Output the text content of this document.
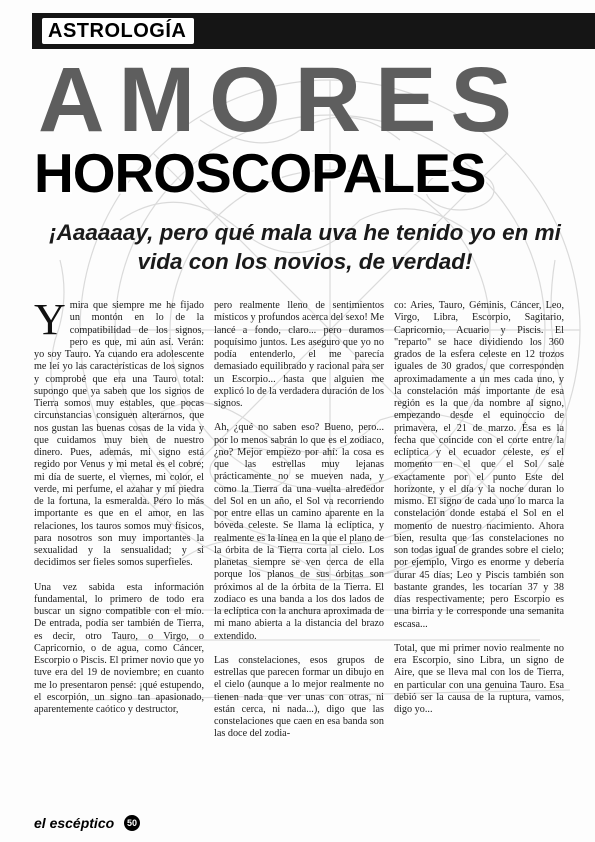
ASTROLOGÍA
AMORES
HOROSCOPALES
¡Aaaaaay, pero qué mala uva he tenido yo en mi vida con los novios, de verdad!

Ymira que siempre me he fijado un montón en lo de la compatibilidad de los signos, pero es que, mi aún así. Verán: yo soy Tauro. Ya cuando era adolescente me leí yo las características de los signos y comprobé que era una Tauro total: supongo que ya saben que los signos de Tierra somos muy estables, que pocas circunstancias consiguen alterarnos, que nos gustan las buenas cosas de la vida y que cuidamos muy bien de nuestro dinero. Pues, además, mi signo está regido por Venus y mi metal es el cobre; mi día de suerte, el viernes, mi color, el verde, mi perfume, el azahar y mi piedra de la fortuna, la esmeralda. Pero lo más importante es que en el amor, en las relaciones, los tauros somos muy físicos, para nosotros son muy importantes la sexualidad y la sensualidad; y si decidimos ser fieles somos superfieles.

Una vez sabida esta información fundamental, lo primero de todo era buscar un signo compatible con el mío. De entrada, podía ser también de Tierra, es decir, otro Tauro, o Virgo, o Capricornio, o de agua, como Cáncer, Escorpio o Piscis. El primer novio que yo tuve era del 19 de noviembre; en cuanto me lo presentaron pensé: ¡qué estupendo, el escorpión, un signo tan apasionado, aparentemente caótico y destructor,

pero realmente lleno de sentimientos místicos y profundos acerca del sexo! Me lancé a fondo, claro... pero duramos poquísimo juntos. Les aseguro que yo no podía entenderlo, el me parecía demasiado equilibrado y racional para ser un Escorpio... hasta que alguien me explicó lo de la verdadera duración de los signos.

Ah, ¿qué no saben eso? Bueno, pero... por lo menos sabrán lo que es el zodiaco, ¿no? Mejor empiezo por ahí: la cosa es que las estrellas muy lejanas prácticamente no se mueven nada, y como la Tierra da una vuelta alrededor del Sol en un año, el Sol va recorriendo por entre ellas un camino aparente en la bóveda celeste. Se llama la eclíptica, y realmente es la línea en la que el plano de la órbita de la Tierra corta al cielo. Los planetas siempre se ven cerca de ella porque los planos de sus órbitas son próximos al de la órbita de la Tierra. El zodiaco es una banda a los dos lados de la eclíptica con la anchura aproximada de mi mano abierta a la distancia del brazo extendido.

Las constelaciones, esos grupos de estrellas que parecen formar un dibujo en el cielo (aunque a lo mejor realmente no tienen nada que ver unas con otras, ni están cerca, ni nada...), digo que las constelaciones que caen en esa banda son las doce del zodia-

co: Aries, Tauro, Géminis, Cáncer, Leo, Virgo, Libra, Escorpio, Sagitario, Capricornio, Acuario y Piscis. El "reparto" se hace dividiendo los 360 grados de la esfera celeste en 12 trozos iguales de 30 grados, que corresponden aproximadamente a un mes cada uno, y la constelación más importante de esa región es la que da nombre al signo, empezando desde el equinoccio de primavera, el 21 de marzo. Ésa es la fecha que coincide con el corte entre la eclíptica y el ecuador celeste, es el momento en el que el Sol sale exactamente por el punto Este del horizonte, y el día y la noche duran lo mismo. El signo de cada uno lo marca la constelación donde estaba el Sol en el momento de nuestro nacimiento. Ahora bien, resulta que las constelaciones no son todas igual de grandes sobre el cielo; por ejemplo, Virgo es enorme y debería durar 45 días; Leo y Piscis también son bastante grandes, les tocarían 37 y 38 días respectivamente; pero Escorpio es una birria y le corresponde una semanita escasa...

Total, que mi primer novio realmente no era Escorpio, sino Libra, un signo de Aire, que se lleva mal con los de Tierra, en particular con una genuina Tauro. Esa debió ser la causa de la ruptura, vamos, digo yo...

el escéptico	50
